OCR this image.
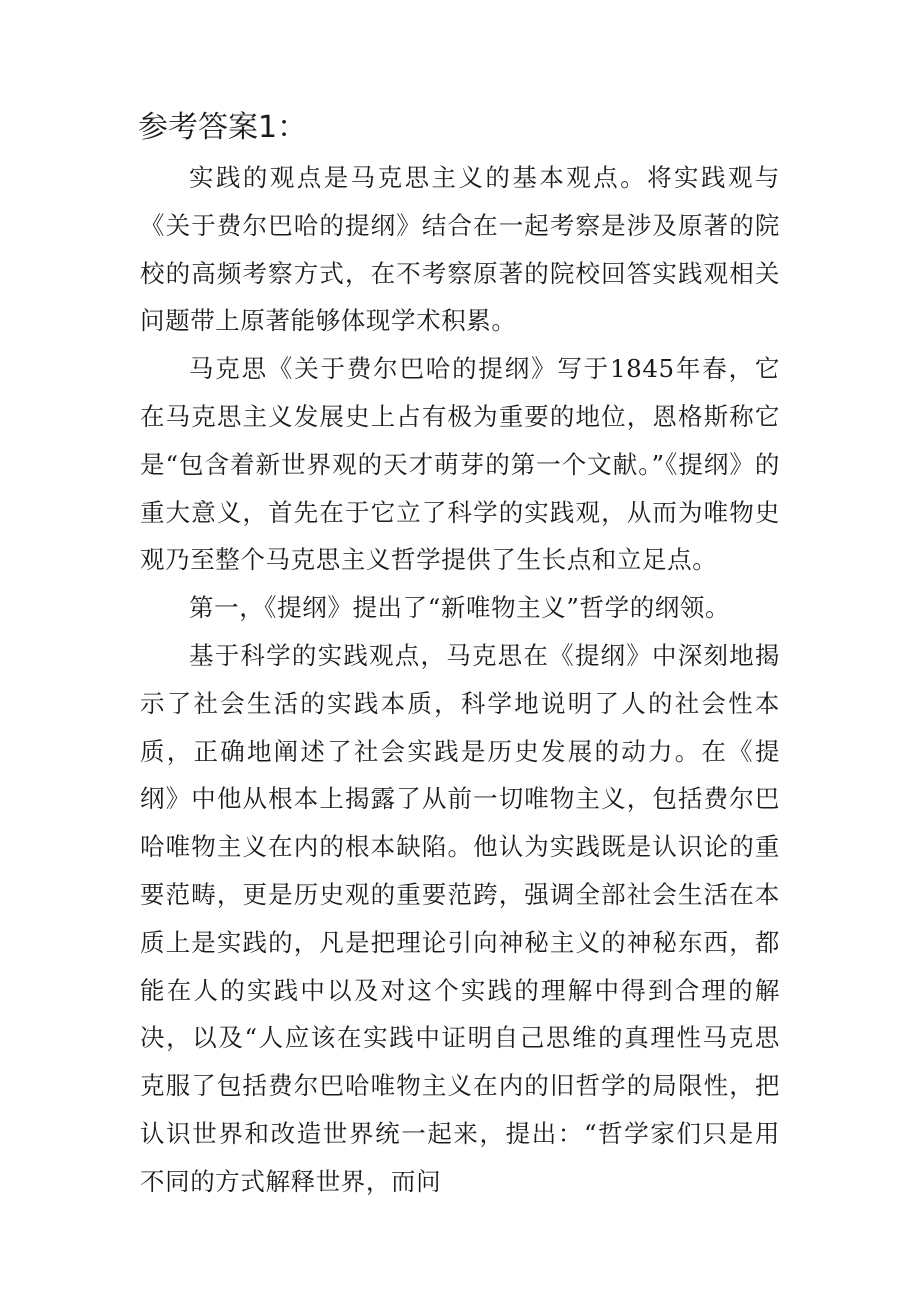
参考答案1：

实践的观点是马克思主义的基本观点。将实践观与《关于费尔巴哈的提纲》结合在一起考察是涉及原著的院校的高频考察方式，在不考察原著的院校回答实践观相关问题带上原著能够体现学术积累。

马克思《关于费尔巴哈的提纲》写于1845年春，它在马克思主义发展史上占有极为重要的地位，恩格斯称它是“包含着新世界观的天才萌芽的第一个文献。”《提纲》的重大意义，首先在于它立了科学的实践观，从而为唯物史观乃至整个马克思主义哲学提供了生长点和立足点。

第一，《提纲》提出了“新唯物主义”哲学的纲领。

基于科学的实践观点，马克思在《提纲》中深刻地揭示了社会生活的实践本质，科学地说明了人的社会性本质，正确地阐述了社会实践是历史发展的动力。在《提纲》中他从根本上揭露了从前一切唯物主义，包括费尔巴哈唯物主义在内的根本缺陷。他认为实践既是认识论的重要范畴，更是历史观的重要范跨，强调全部社会生活在本质上是实践的，凡是把理论引向神秘主义的神秘东西，都能在人的实践中以及对这个实践的理解中得到合理的解决，以及“人应该在实践中证明自己思维的真理性马克思克服了包括费尔巴哈唯物主义在内的旧哲学的局限性，把认识世界和改造世界统一起来，提出：“哲学家们只是用不同的方式解释世界，而问
